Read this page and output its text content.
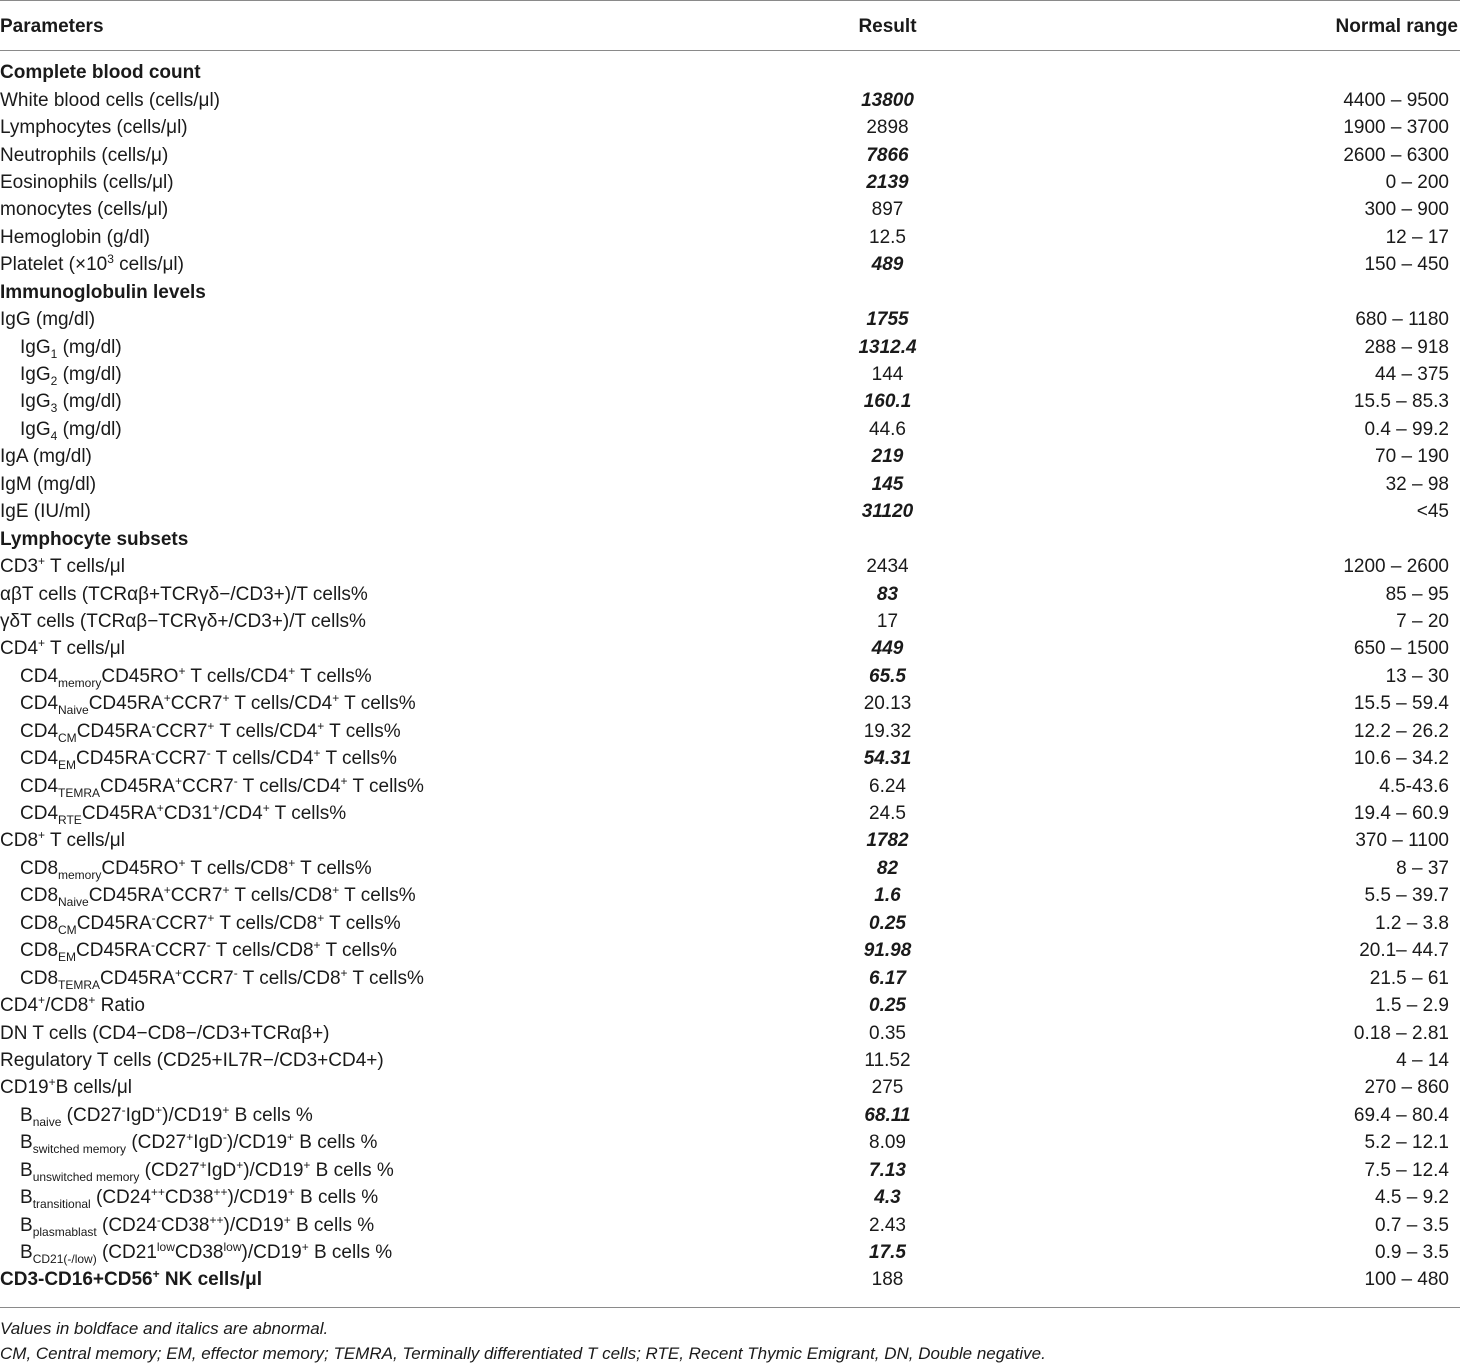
Parameters	Result	Normal range

Complete blood count		
White blood cells (cells/μl)	13800	4400 – 9500
Lymphocytes (cells/μl)	2898	1900 – 3700
Neutrophils (cells/μ)	7866	2600 – 6300
Eosinophils (cells/μl)	2139	0 – 200
monocytes (cells/μl)	897	300 – 900
Hemoglobin (g/dl)	12.5	12 – 17
Platelet ($\times 10^3$ cells/μl)	489	150 – 450
Immunoglobulin levels		
IgG (mg/dl)	1755	680 – 1180
IgG$_1$ (mg/dl)	1312.4	288 – 918
IgG$_2$ (mg/dl)	144	44 – 375
IgG$_3$ (mg/dl)	160.1	15.5 – 85.3
IgG$_4$ (mg/dl)	44.6	0.4 – 99.2
IgA (mg/dl)	219	70 – 190
IgM (mg/dl)	145	32 – 98
IgE (IU/ml)	31120	<45
Lymphocyte subsets		
CD3+ T cells/μl	2434	1200 – 2600
αβT cells (TCRαβ+TCRγδ−/CD3+)/T cells%	83	85 – 95
γδT cells (TCRαβ−TCRγδ+/CD3+)/T cells%	17	7 – 20
CD4+ T cells/μl	449	650 – 1500
$CD4_{memory}CD45RO^+$ T cells/CD4+ T cells%	65.5	13 – 30
$CD4_{Naive}CD45RA^+CCR7^+$ T cells/CD4+ T cells%	20.13	15.5 – 59.4
$CD4_{CM}CD45RA^-CCR7^+$ T cells/CD4+ T cells%	19.32	12.2 – 26.2
$CD4_{EM}CD45RA^-CCR7^-$ T cells/CD4+ T cells%	54.31	10.6 – 34.2
$CD4_{TEMRA}CD45RA^+CCR7^-$ T cells/CD4+ T cells%	6.24	4.5-43.6
$CD4_{RTE}CD45RA^+CD31^+/CD4^+$ T cells%	24.5	19.4 – 60.9
CD8+ T cells/μl	1782	370 – 1100
$CD8_{memory}CD45RO^+$ T cells/CD8+ T cells%	82	8 – 37
$CD8_{Naive}CD45RA^+CCR7^+$ T cells/CD8+ T cells%	1.6	5.5 – 39.7
$CD8_{CM}CD45RA^-CCR7^+$ T cells/CD8+ T cells%	0.25	1.2 – 3.8
$CD8_{EM}CD45RA^-CCR7^-$ T cells/CD8+ T cells%	91.98	20.1– 44.7
$CD8_{TEMRA}CD45RA^+CCR7^-$ T cells/CD8+ T cells%	6.17	21.5 – 61
CD4+/CD8+ Ratio	0.25	1.5 – 2.9
DN T cells (CD4−CD8−/CD3+TCRαβ+)	0.35	0.18 – 2.81
Regulatory T cells (CD25+IL7R−/CD3+CD4+)	11.52	4 – 14
CD19+B cells/μl	275	270 – 860
$B_{naive}$ (CD27-IgD+)/CD19+ B cells %	68.11	69.4 – 80.4
$B_{switched memory}$ (CD27+IgD-)/CD19+ B cells %	8.09	5.2 – 12.1
$B_{unswitched memory}$ (CD27+IgD+)/CD19+ B cells %	7.13	7.5 – 12.4
$B_{transitional}$ (CD24++CD38++)/CD19+ B cells %	4.3	4.5 – 9.2
$B_{plasmablast}$ (CD24-CD38++)/CD19+ B cells %	2.43	0.7 – 3.5
$B_{CD21(-/low)}$ $(CD21^{low}CD38^{low})/CD19^+$ B cells %	17.5	0.9 – 3.5
CD3-CD16+CD56+ NK cells/μl	188	100 – 480
Values in boldface and italics are abnormal.
CM, Central memory; EM, effector memory; TEMRA, Terminally differentiated T cells; RTE, Recent Thymic Emigrant, DN, Double negative.
